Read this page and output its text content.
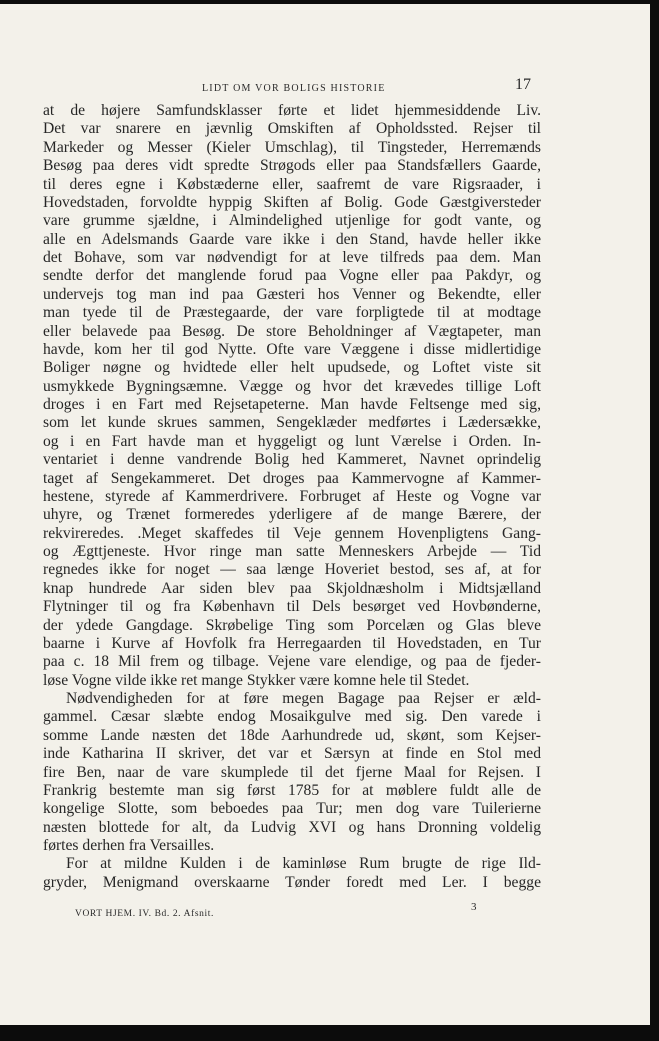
LIDT OM VOR BOLIGS HISTORIE	17
at de højere Samfundsklasser førte et lidet hjemmesiddende Liv.
Det var snarere en jævnlig Omskiften af Opholdssted. Rejser til
Markeder og Messer (Kieler Umschlag), til Tingsteder, Herremænds
Besøg paa deres vidt spredte Strøgods eller paa Standsfællers Gaarde,
til deres egne i Købstæderne eller, saafremt de vare Rigsraader, i
Hovedstaden, forvoldte hyppig Skiften af Bolig. Gode Gæstgiversteder
vare grumme sjældne, i Almindelighed utjenlige for godt vante, og
alle en Adelsmands Gaarde vare ikke i den Stand, havde heller ikke
det Bohave, som var nødvendigt for at leve tilfreds paa dem. Man
sendte derfor det manglende forud paa Vogne eller paa Pakdyr, og
undervejs tog man ind paa Gæsteri hos Venner og Bekendte, eller
man tyede til de Præstegaarde, der vare forpligtede til at modtage
eller belavede paa Besøg. De store Beholdninger af Vægtapeter, man
havde, kom her til god Nytte. Ofte vare Væggene i disse midlertidige
Boliger nøgne og hvidtede eller helt upudsede, og Loftet viste sit
usmykkede Bygningsæmne. Vægge og hvor det krævedes tillige Loft
droges i en Fart med Rejsetapeterne. Man havde Feltsenge med sig,
som let kunde skrues sammen, Sengeklæder medførtes i Lædersække,
og i en Fart havde man et hyggeligt og lunt Værelse i Orden. In-
ventariet i denne vandrende Bolig hed Kammeret, Navnet oprindelig
taget af Sengekammeret. Det droges paa Kammervogne af Kammer-
hestene, styrede af Kammerdrivere. Forbruget af Heste og Vogne var
uhyre, og Trænet formeredes yderligere af de mange Bærere, der
rekvireredes. .Meget skaffedes til Veje gennem Hovenpligtens Gang-
og Ægttjeneste. Hvor ringe man satte Menneskers Arbejde — Tid
regnedes ikke for noget — saa længe Hoveriet bestod, ses af, at for
knap hundrede Aar siden blev paa Skjoldnæsholm i Midtsjælland
Flytninger til og fra København til Dels besørget ved Hovbønderne,
der ydede Gangdage. Skrøbelige Ting som Porcelæn og Glas bleve
baarne i Kurve af Hovfolk fra Herregaarden til Hovedstaden, en Tur
paa c. 18 Mil frem og tilbage. Vejene vare elendige, og paa de fjeder-
løse Vogne vilde ikke ret mange Stykker være komne hele til Stedet.
Nødvendigheden for at føre megen Bagage paa Rejser er æld-
gammel. Cæsar slæbte endog Mosaikgulve med sig. Den varede i
somme Lande næsten det 18de Aarhundrede ud, skønt, som Kejser-
inde Katharina II skriver, det var et Særsyn at finde en Stol med
fire Ben, naar de vare skumplede til det fjerne Maal for Rejsen. I
Frankrig bestemte man sig først 1785 for at møblere fuldt alle de
kongelige Slotte, som beboedes paa Tur; men dog vare Tuilerierne
næsten blottede for alt, da Ludvig XVI og hans Dronning voldelig
førtes derhen fra Versailles.
For at mildne Kulden i de kaminløse Rum brugte de rige Ild-
gryder, Menigmand overskaarne Tønder foredt med Ler. I begge
VORT HJEM. IV. Bd. 2. Afsnit.
3
